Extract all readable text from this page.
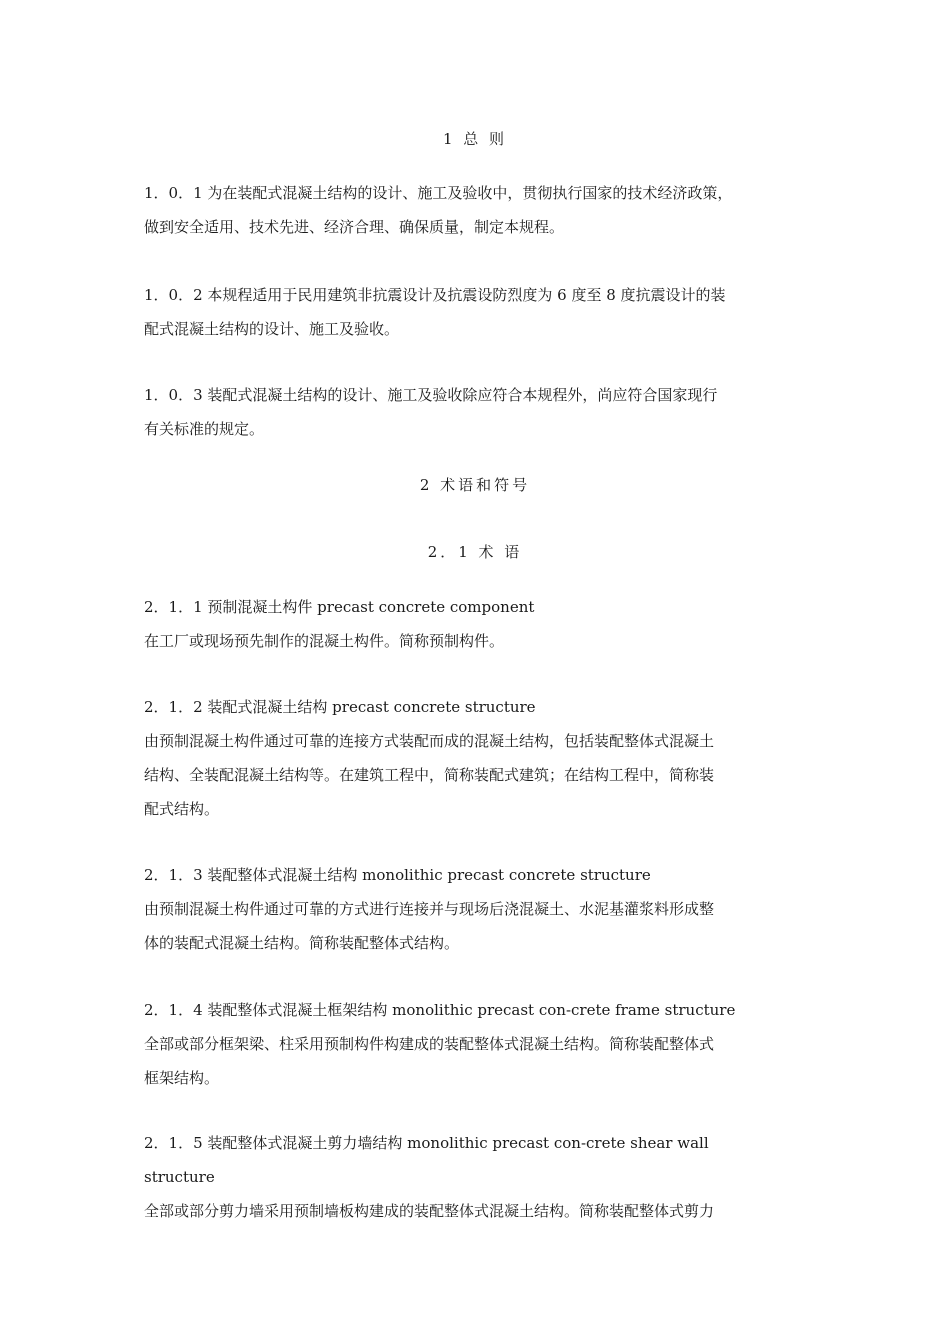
1 总 则
1．0．1 为在装配式混凝土结构的设计、施工及验收中，贯彻执行国家的技术经济政策，
做到安全适用、技术先进、经济合理、确保质量，制定本规程。
1．0．2 本规程适用于民用建筑非抗震设计及抗震设防烈度为 6 度至 8 度抗震设计的装
配式混凝土结构的设计、施工及验收。
1．0．3 装配式混凝土结构的设计、施工及验收除应符合本规程外，尚应符合国家现行
有关标准的规定。
2 术语和符号
2．1 术 语
2．1．1 预制混凝土构件 precast concrete component
在工厂或现场预先制作的混凝土构件。简称预制构件。
2．1．2 装配式混凝土结构 precast concrete structure
由预制混凝土构件通过可靠的连接方式装配而成的混凝土结构，包括装配整体式混凝土
结构、全装配混凝土结构等。在建筑工程中，简称装配式建筑；在结构工程中，简称装
配式结构。
2．1．3 装配整体式混凝土结构 monolithic precast concrete structure
由预制混凝土构件通过可靠的方式进行连接并与现场后浇混凝土、水泥基灌浆料形成整
体的装配式混凝土结构。简称装配整体式结构。
2．1．4 装配整体式混凝土框架结构 monolithic precast con-crete frame structure
全部或部分框架梁、柱采用预制构件构建成的装配整体式混凝土结构。简称装配整体式
框架结构。
2．1．5 装配整体式混凝土剪力墙结构 monolithic precast con-crete shear wall
structure
全部或部分剪力墙采用预制墙板构建成的装配整体式混凝土结构。简称装配整体式剪力
